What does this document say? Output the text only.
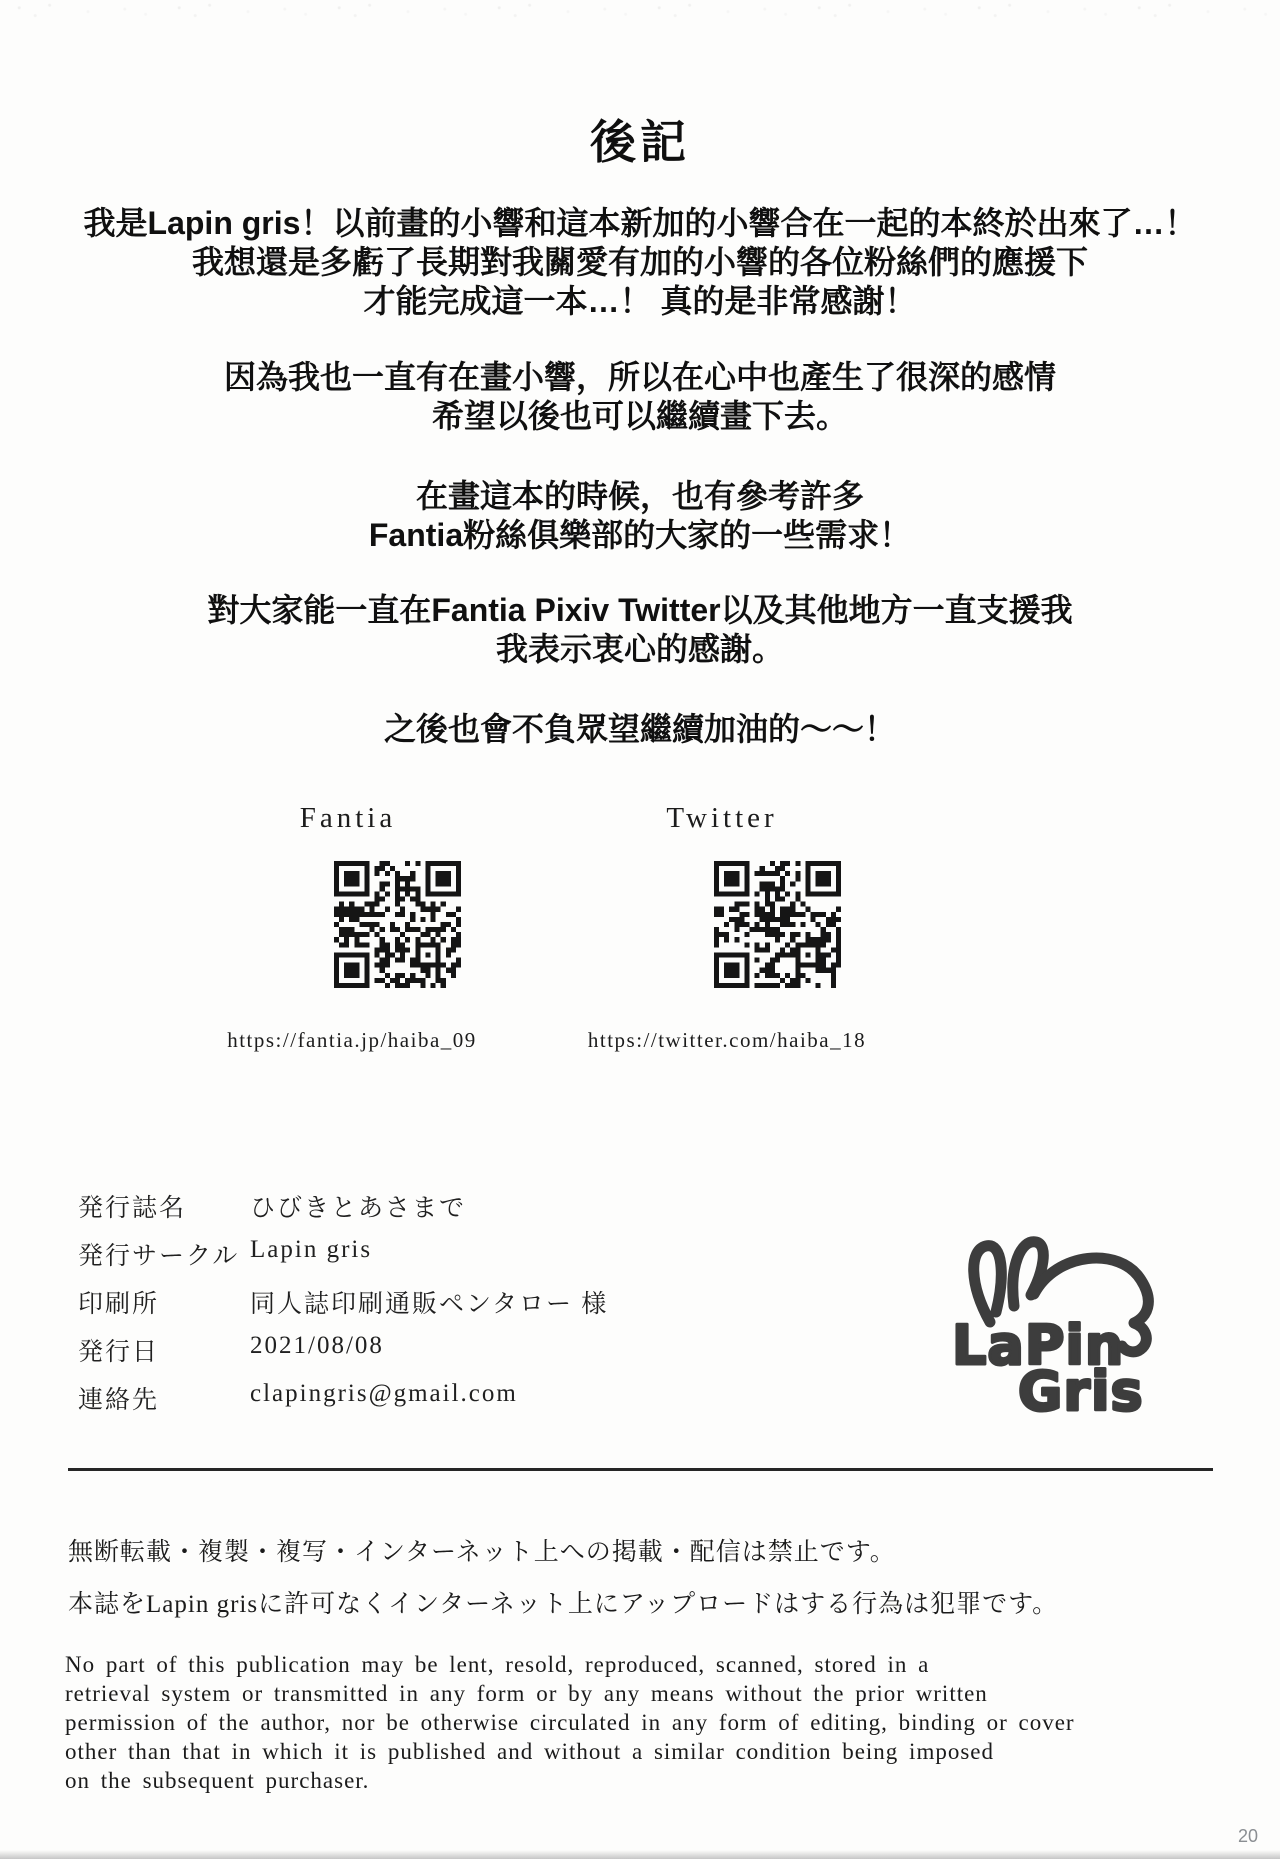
後記
我是Lapin gris！以前畫的小響和這本新加的小響合在一起的本終於出來了…！
我想還是多虧了長期對我關愛有加的小響的各位粉絲們的應援下
才能完成這一本…！ 真的是非常感謝！
因為我也一直有在畫小響，所以在心中也產生了很深的感情
希望以後也可以繼續畫下去。
在畫這本的時候，也有參考許多
Fantia粉絲俱樂部的大家的一些需求！
對大家能一直在Fantia Pixiv Twitter以及其他地方一直支援我
我表示衷心的感謝。
之後也會不負眾望繼續加油的～～！
Fantia	Twitter
https://fantia.jp/haiba_09	https://twitter.com/haiba_18
発行誌名	ひびきとあさまで
発行サークル Lapin gris
印刷所	同人誌印刷通販ペンタロー 様
発行日	2021/08/08
連絡先	clapingris@gmail.com
LaPin
Gris
無断転載・複製・複写・インターネット上への掲載・配信は禁止です。
本誌をLapin grisに許可なくインターネット上にアップロードはする行為は犯罪です。
No part of this publication may be lent, resold, reproduced, scanned, stored in a
retrieval system or transmitted in any form or by any means without the prior written
permission of the author, nor be otherwise circulated in any form of editing, binding or cover
other than that in which it is published and without a similar condition being imposed
on the subsequent purchaser.
20
